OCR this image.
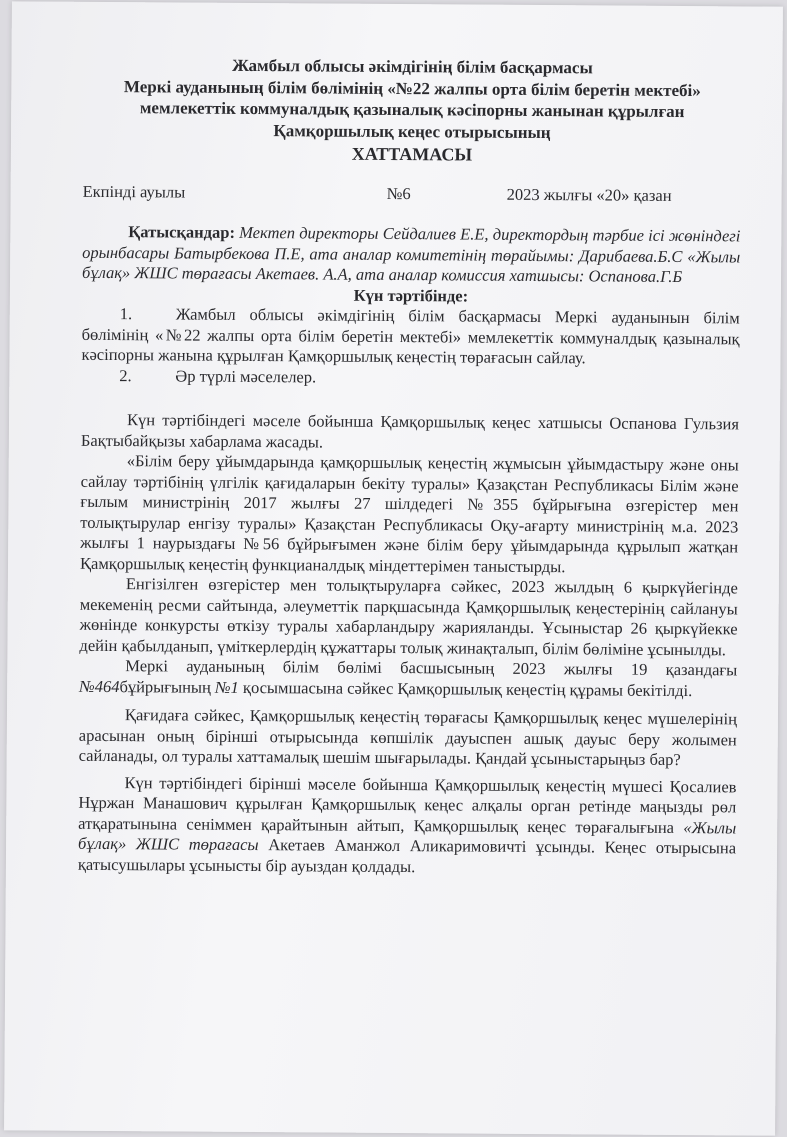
Жамбыл облысы әкімдігінің білім басқармасы
Меркі ауданының білім бөлімінің «№22 жалпы орта білім беретін мектебі»
мемлекеттік коммуналдық қазыналық кәсіпорны жанынан құрылған
Қамқоршылық кеңес отырысының
ХАТТАМАСЫ
Екпінді ауылы	№6	2023 жылғы «20» қазан

Қатысқандар: Мектеп директоры Сейдалиев Е.Е, директордың тәрбие ісі жөніндегі орынбасары Батырбекова П.Е, ата аналар комитетінің төрайымы: Дарибаева.Б.С «Жылы бұлақ» ЖШС төрағасы Акетаев. А.А, ата аналар комиссия хатшысы: Оспанова.Г.Б

Күн тәртібінде:

1.	Жамбыл облысы әкімдігінің білім басқармасы Меркі ауданынын білім бөлімінің «№22 жалпы орта білім беретін мектебі» мемлекеттік коммуналдық қазыналық кәсіпорны жанына құрылған Қамқоршылық кеңестің төрағасын сайлау.

2.	Әр түрлі мәселелер.

Күн тәртібіндегі мәселе бойынша Қамқоршылық кеңес хатшысы Оспанова Гульзия Бақтыбайқызы хабарлама жасады.

«Білім беру ұйымдарында қамқоршылық кеңестің жұмысын ұйымдастыру және оны сайлау тәртібінің үлгілік қағидаларын бекіту туралы» Қазақстан Республикасы Білім және ғылым министрінің 2017 жылғы 27 шілдедегі №355 бұйрығына өзгерістер мен толықтырулар енгізу туралы» Қазақстан Республикасы Оқу-ағарту министрінің м.а. 2023 жылғы 1 наурыздағы №56 бұйрығымен және білім беру ұйымдарында құрылып жатқан Қамқоршылық кеңестің функцианалдық міндеттерімен таныстырды.

Енгізілген өзгерістер мен толықтыруларға сәйкес, 2023 жылдың 6 қыркүйегінде мекеменің ресми сайтында, әлеуметтік парқшасында Қамқоршылық кеңестерінің сайлануы жөнінде конкурсты өткізу туралы хабарландыру жарияланды. Ұсыныстар 26 қыркүйекке дейін қабылданып, үміткерлердің құжаттары толық жинақталып, білім бөліміне ұсынылды.

Меркі ауданының білім бөлімі басшысының 2023 жылғы 19 қазандағы №464бұйрығының №1 қосымшасына сәйкес Қамқоршылық кеңестің құрамы бекітілді.

Қағидаға сәйкес, Қамқоршылық кеңестің төрағасы Қамқоршылық кеңес мүшелерінің арасынан оның бірінші отырысында көпшілік дауыспен ашық дауыс беру жолымен сайланады, ол туралы хаттамалық шешім шығарылады. Қандай ұсыныстарыңыз бар?

Күн тәртібіндегі бірінші мәселе бойынша Қамқоршылық кеңестің мүшесі Қосалиев Нұржан Манашович құрылған Қамқоршылық кеңес алқалы орган ретінде маңызды рөл атқаратынына сеніммен қарайтынын айтып, Қамқоршылық кеңес төрағалығына «Жылы бұлақ» ЖШС төрағасы Акетаев Аманжол Аликаримовичті ұсынды. Кеңес отырысына қатысушылары ұсынысты бір ауыздан қолдады.
